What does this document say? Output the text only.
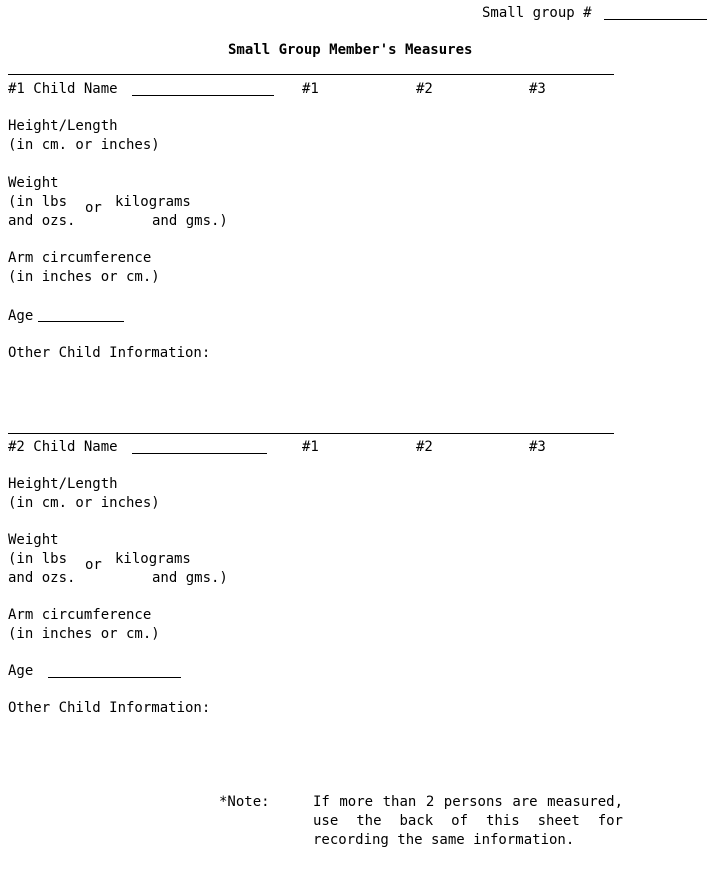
Small group #
Small Group Member's Measures
#1 Child Name	#1	#2	#3
Height/Length
(in cm. or inches)
Weight
(in lbs or kilograms
and ozs.	and gms.)
Arm circumference
(in inches or cm.)
Age
Other Child Information:
#2 Child Name	#1	#2	#3
Height/Length
(in cm. or inches)
Weight
(in lbs or kilograms
and ozs.	and gms.)
Arm circumference
(in inches or cm.)
Age
Other Child Information:
*Note:	If more than 2 persons are measured, use the back of this sheet for recording the same information.
